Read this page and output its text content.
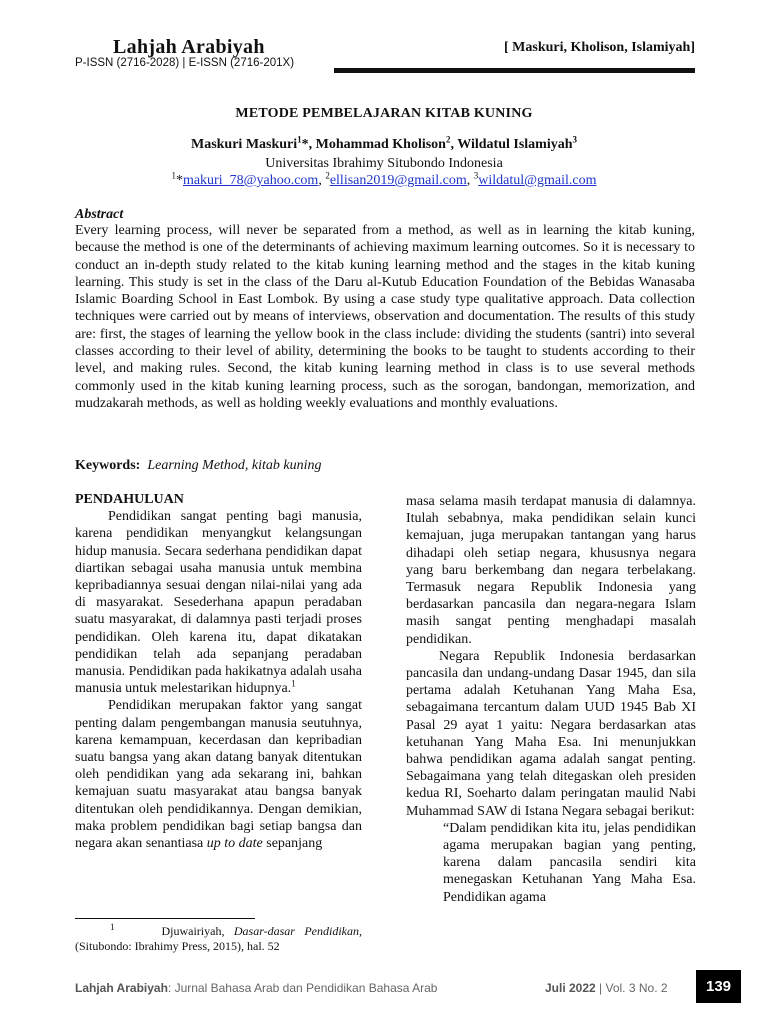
Lahjah Arabiyah
P-ISSN (2716-2028) | E-ISSN (2716-201X)
[ Maskuri, Kholison, Islamiyah]
METODE PEMBELAJARAN KITAB KUNING
Maskuri Maskuri$^1$*, Mohammad Kholison$^2$, Wildatul Islamiyah$^3$
Universitas Ibrahimy Situbondo Indonesia
$^1$*makuri_78@yahoo.com, $^2$ellisan2019@gmail.com, $^3$wildatul@gmail.com
Abstract

Every learning process, will never be separated from a method, as well as in learning the kitab kuning, because the method is one of the determinants of achieving maximum learning outcomes. So it is necessary to conduct an in-depth study related to the kitab kuning learning method and the stages in the kitab kuning learning. This study is set in the class of the Daru al-Kutub Education Foundation of the Bebidas Wanasaba Islamic Boarding School in East Lombok. By using a case study type qualitative approach. Data collection techniques were carried out by means of interviews, observation and documentation. The results of this study are: first, the stages of learning the yellow book in the class include: dividing the students (santri) into several classes according to their level of ability, determining the books to be taught to students according to their level, and making rules. Second, the kitab kuning learning method in class is to use several methods commonly used in the kitab kuning learning process, such as the sorogan, bandongan, memorization, and mudzakarah methods, as well as holding weekly evaluations and monthly evaluations.

Keywords: Learning Method, kitab kuning
PENDAHULUAN

Pendidikan sangat penting bagi manusia, karena pendidikan menyangkut kelangsungan hidup manusia. Secara sederhana pendidikan dapat diartikan sebagai usaha manusia untuk membina kepribadiannya sesuai dengan nilai-nilai yang ada di masyarakat. Sesederhana apapun peradaban suatu masyarakat, di dalamnya pasti terjadi proses pendidikan. Oleh karena itu, dapat dikatakan pendidikan telah ada sepanjang peradaban manusia. Pendidikan pada hakikatnya adalah usaha manusia untuk melestarikan hidupnya.$^1$

Pendidikan merupakan faktor yang sangat penting dalam pengembangan manusia seutuhnya, karena kemampuan, kecerdasan dan kepribadian suatu bangsa yang akan datang banyak ditentukan oleh pendidikan yang ada sekarang ini, bahkan kemajuan suatu masyarakat atau bangsa banyak ditentukan oleh pendidikannya. Dengan demikian, maka problem pendidikan bagi setiap bangsa dan negara akan senantiasa up to date sepanjang

masa selama masih terdapat manusia di dalamnya. Itulah sebabnya, maka pendidikan selain kunci kemajuan, juga merupakan tantangan yang harus dihadapi oleh setiap negara, khususnya negara yang baru berkembang dan negara terbelakang. Termasuk negara Republik Indonesia yang berdasarkan pancasila dan negara-negara Islam masih sangat penting menghadapi masalah pendidikan.

Negara Republik Indonesia berdasarkan pancasila dan undang-undang Dasar 1945, dan sila pertama adalah Ketuhanan Yang Maha Esa, sebagaimana tercantum dalam UUD 1945 Bab XI Pasal 29 ayat 1 yaitu: Negara berdasarkan atas ketuhanan Yang Maha Esa. Ini menunjukkan bahwa pendidikan agama adalah sangat penting. Sebagaimana yang telah ditegaskan oleh presiden kedua RI, Soeharto dalam peringatan maulid Nabi Muhammad SAW di Istana Negara sebagai berikut:

“Dalam pendidikan kita itu, jelas pendidikan agama merupakan bagian yang penting, karena dalam pancasila sendiri kita menegaskan Ketuhanan Yang Maha Esa. Pendidikan agama

$^1$	Djuwairiyah, Dasar-dasar Pendidikan, (Situbondo: Ibrahimy Press, 2015), hal. 52

Lahjah Arabiyah: Jurnal Bahasa Arab dan Pendidikan Bahasa Arab	Juli 2022 | Vol. 3 No. 2	139
